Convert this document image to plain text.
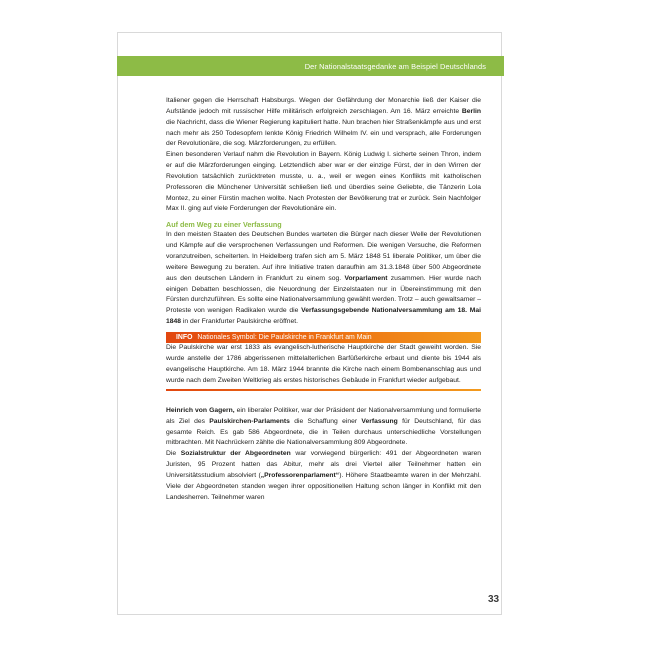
Der Nationalstaatsgedanke am Beispiel Deutschlands

Italiener gegen die Herrschaft Habsburgs. Wegen der Gefährdung der Monarchie ließ der Kaiser die Aufstände jedoch mit russischer Hilfe militärisch erfolgreich zerschlagen. Am 16. März erreichte Berlin die Nachricht, dass die Wiener Regierung kapituliert hatte. Nun brachen hier Straßenkämpfe aus und erst nach mehr als 250 Todesopfern lenkte König Friedrich Wilhelm IV. ein und versprach, alle Forderungen der Revolutionäre, die sog. Märzforderungen, zu erfüllen.

Einen besonderen Verlauf nahm die Revolution in Bayern. König Ludwig I. sicherte seinen Thron, indem er auf die Märzforderungen einging. Letztendlich aber war er der einzige Fürst, der in den Wirren der Revolution tatsächlich zurücktreten musste, u. a., weil er wegen eines Konflikts mit katholischen Professoren die Münchener Universität schließen ließ und überdies seine Geliebte, die Tänzerin Lola Montez, zu einer Fürstin machen wollte. Nach Protesten der Bevölkerung trat er zurück. Sein Nachfolger Max II. ging auf viele Forderungen der Revolutionäre ein.

Auf dem Weg zu einer Verfassung

In den meisten Staaten des Deutschen Bundes warteten die Bürger nach dieser Welle der Revolutionen und Kämpfe auf die versprochenen Verfassungen und Reformen. Die wenigen Versuche, die Reformen voranzutreiben, scheiterten. In Heidelberg trafen sich am 5. März 1848 51 liberale Politiker, um über die weitere Bewegung zu beraten. Auf ihre Initiative traten daraufhin am 31.3.1848 über 500 Abgeordnete aus den deutschen Ländern in Frankfurt zu einem sog. Vorparlament zusammen. Hier wurde nach einigen Debatten beschlossen, die Neuordnung der Einzelstaaten nur in Übereinstimmung mit den Fürsten durchzuführen. Es sollte eine Nationalversammlung gewählt werden. Trotz – auch gewaltsamer – Proteste von wenigen Radikalen wurde die Verfassungsgebende Nationalversammlung am 18. Mai 1848 in der Frankfurter Paulskirche eröffnet.

INFO Nationales Symbol: Die Paulskirche in Frankfurt am Main

Die Paulskirche war erst 1833 als evangelisch-lutherische Hauptkirche der Stadt geweiht worden. Sie wurde anstelle der 1786 abgerissenen mittelalterlichen Barfüßerkirche erbaut und diente bis 1944 als evangelische Hauptkirche. Am 18. März 1944 brannte die Kirche nach einem Bombenanschlag aus und wurde nach dem Zweiten Weltkrieg als erstes historisches Gebäude in Frankfurt wieder aufgebaut.

Heinrich von Gagern, ein liberaler Politiker, war der Präsident der Nationalversammlung und formulierte als Ziel des Paulskirchen-Parlaments die Schaffung einer Verfassung für Deutschland, für das gesamte Reich. Es gab 586 Abgeordnete, die in Teilen durchaus unterschiedliche Vorstellungen mitbrachten. Mit Nachrückern zählte die Nationalversammlung 809 Abgeordnete.

Die Sozialstruktur der Abgeordneten war vorwiegend bürgerlich: 491 der Abgeordneten waren Juristen, 95 Prozent hatten das Abitur, mehr als drei Viertel aller Teilnehmer hatten ein Universitätsstudium absolviert („Professorenparlament“). Höhere Staatbeamte waren in der Mehrzahl. Viele der Abgeordneten standen wegen ihrer oppositionellen Haltung schon länger in Konflikt mit den Landesherren. Teilnehmer waren

33
